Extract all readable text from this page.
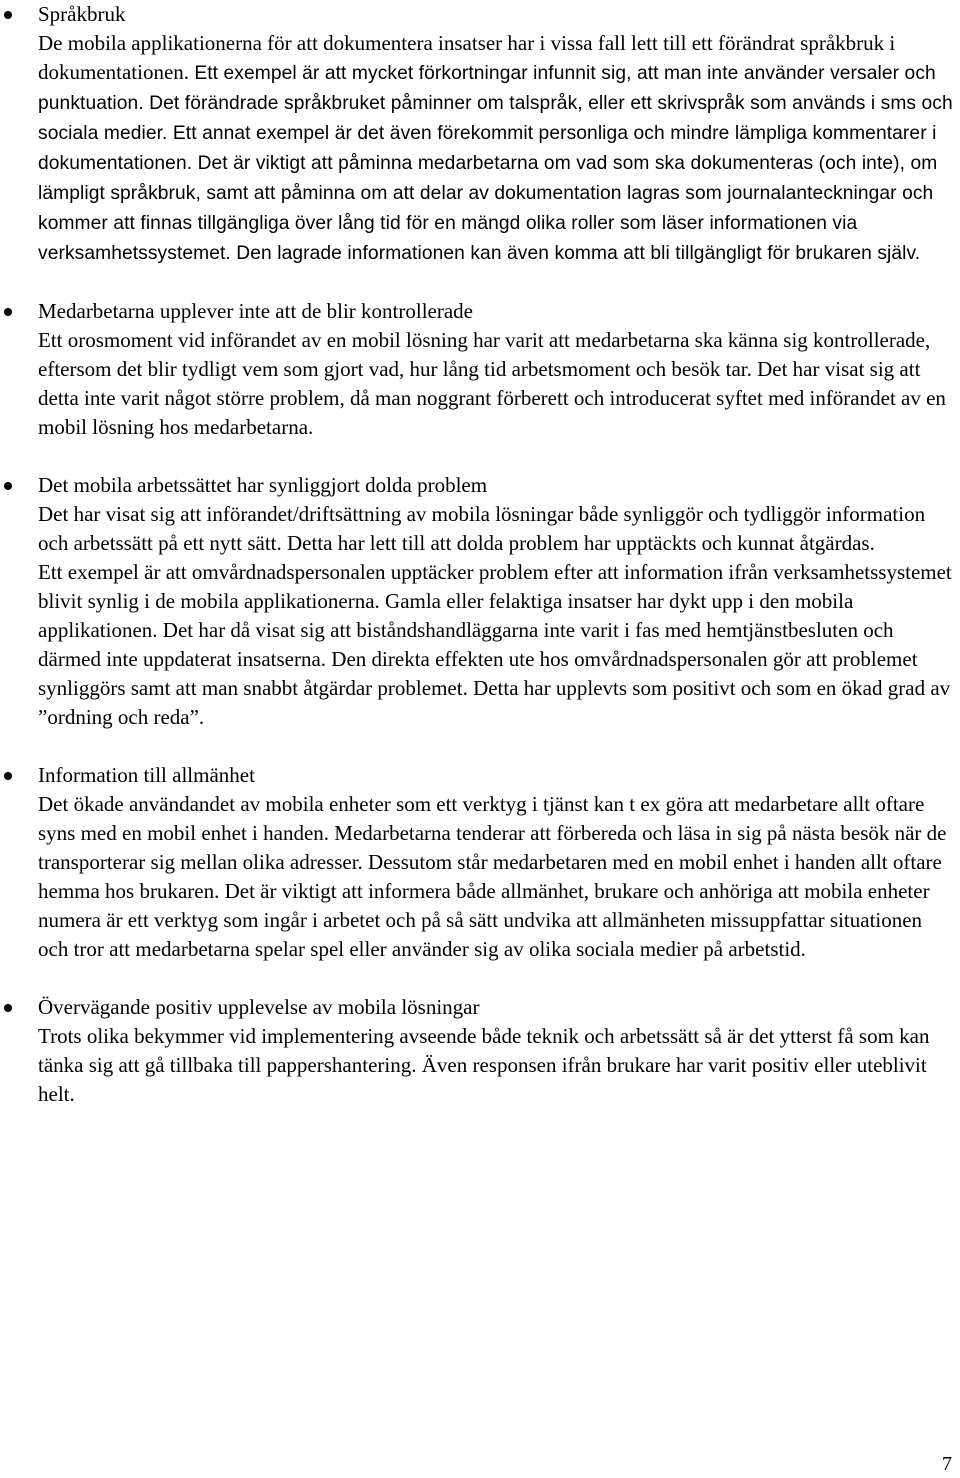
Språkbruk

De mobila applikationerna för att dokumentera insatser har i vissa fall lett till ett förändrat språkbruk i dokumentationen. Ett exempel är att mycket förkortningar infunnit sig, att man inte använder versaler och punktuation. Det förändrade språkbruket påminner om talspråk, eller ett skrivspråk som används i sms och sociala medier. Ett annat exempel är det även förekommit personliga och mindre lämpliga kommentarer i dokumentationen. Det är viktigt att påminna medarbetarna om vad som ska dokumenteras (och inte), om lämpligt språkbruk, samt att påminna om att delar av dokumentation lagras som journalanteckningar och kommer att finnas tillgängliga över lång tid för en mängd olika roller som läser informationen via verksamhetssystemet. Den lagrade informationen kan även komma att bli tillgängligt för brukaren själv.

Medarbetarna upplever inte att de blir kontrollerade

Ett orosmoment vid införandet av en mobil lösning har varit att medarbetarna ska känna sig kontrollerade, eftersom det blir tydligt vem som gjort vad, hur lång tid arbetsmoment och besök tar. Det har visat sig att detta inte varit något större problem, då man noggrant förberett och introducerat syftet med införandet av en mobil lösning hos medarbetarna.

Det mobila arbetssättet har synliggjort dolda problem

Det har visat sig att införandet/driftsättning av mobila lösningar både synliggör och tydliggör information och arbetssätt på ett nytt sätt. Detta har lett till att dolda problem har upptäckts och kunnat åtgärdas.

Ett exempel är att omvårdnadspersonalen upptäcker problem efter att information ifrån verksamhetssystemet blivit synlig i de mobila applikationerna. Gamla eller felaktiga insatser har dykt upp i den mobila applikationen. Det har då visat sig att biståndshandläggarna inte varit i fas med hemtjänstbesluten och därmed inte uppdaterat insatserna. Den direkta effekten ute hos omvårdnadspersonalen gör att problemet synliggörs samt att man snabbt åtgärdar problemet. Detta har upplevts som positivt och som en ökad grad av ”ordning och reda”.

Information till allmänhet

Det ökade användandet av mobila enheter som ett verktyg i tjänst kan t ex göra att medarbetare allt oftare syns med en mobil enhet i handen. Medarbetarna tenderar att förbereda och läsa in sig på nästa besök när de transporterar sig mellan olika adresser. Dessutom står medarbetaren med en mobil enhet i handen allt oftare hemma hos brukaren. Det är viktigt att informera både allmänhet, brukare och anhöriga att mobila enheter numera är ett verktyg som ingår i arbetet och på så sätt undvika att allmänheten missuppfattar situationen och tror att medarbetarna spelar spel eller använder sig av olika sociala medier på arbetstid.

Övervägande positiv upplevelse av mobila lösningar

Trots olika bekymmer vid implementering avseende både teknik och arbetssätt så är det ytterst få som kan tänka sig att gå tillbaka till pappershantering. Även responsen ifrån brukare har varit positiv eller uteblivit helt.

7
